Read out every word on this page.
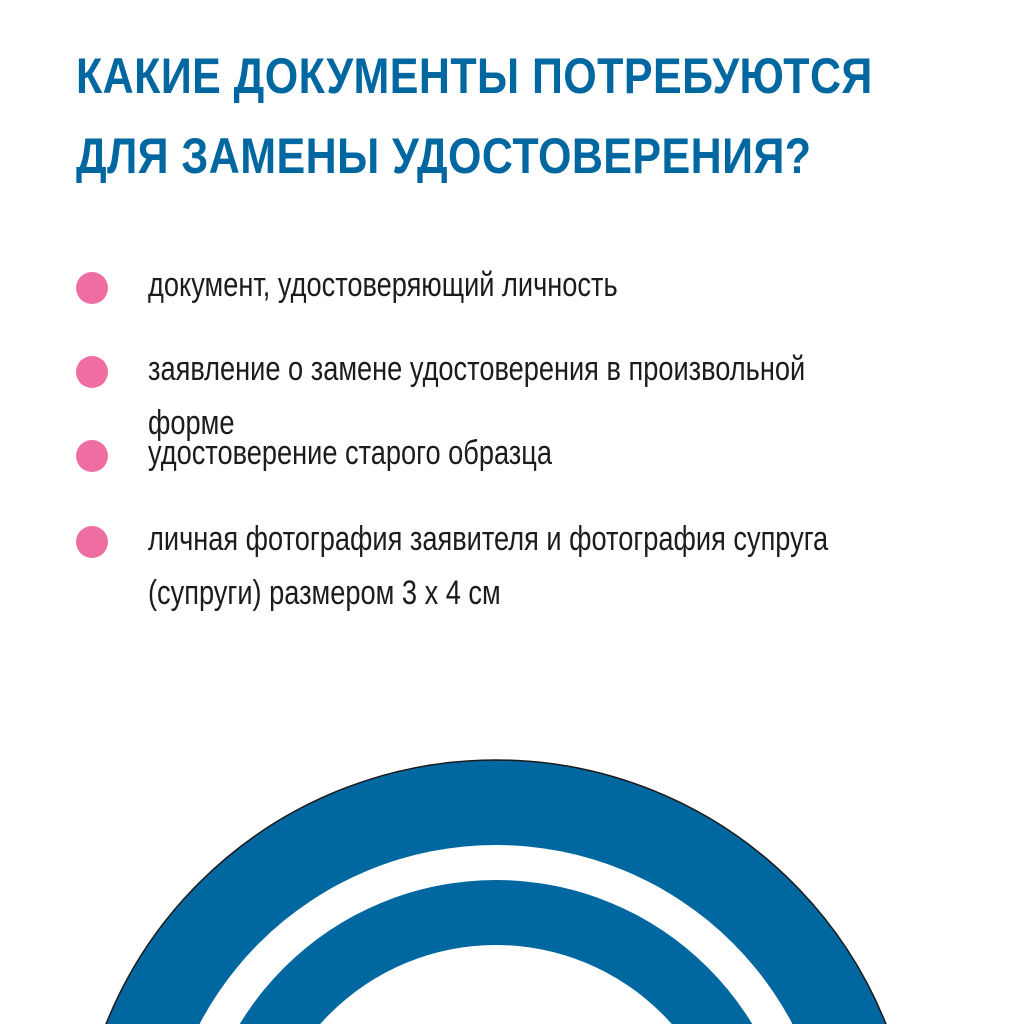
КАКИЕ ДОКУМЕНТЫ ПОТРЕБУЮТСЯ
ДЛЯ ЗАМЕНЫ УДОСТОВЕРЕНИЯ?
документ, удостоверяющий личность
заявление о замене удостоверения в произвольной форме
удостоверение старого образца
личная фотография заявителя и фотография супруга (супруги) размером 3 х 4 см
